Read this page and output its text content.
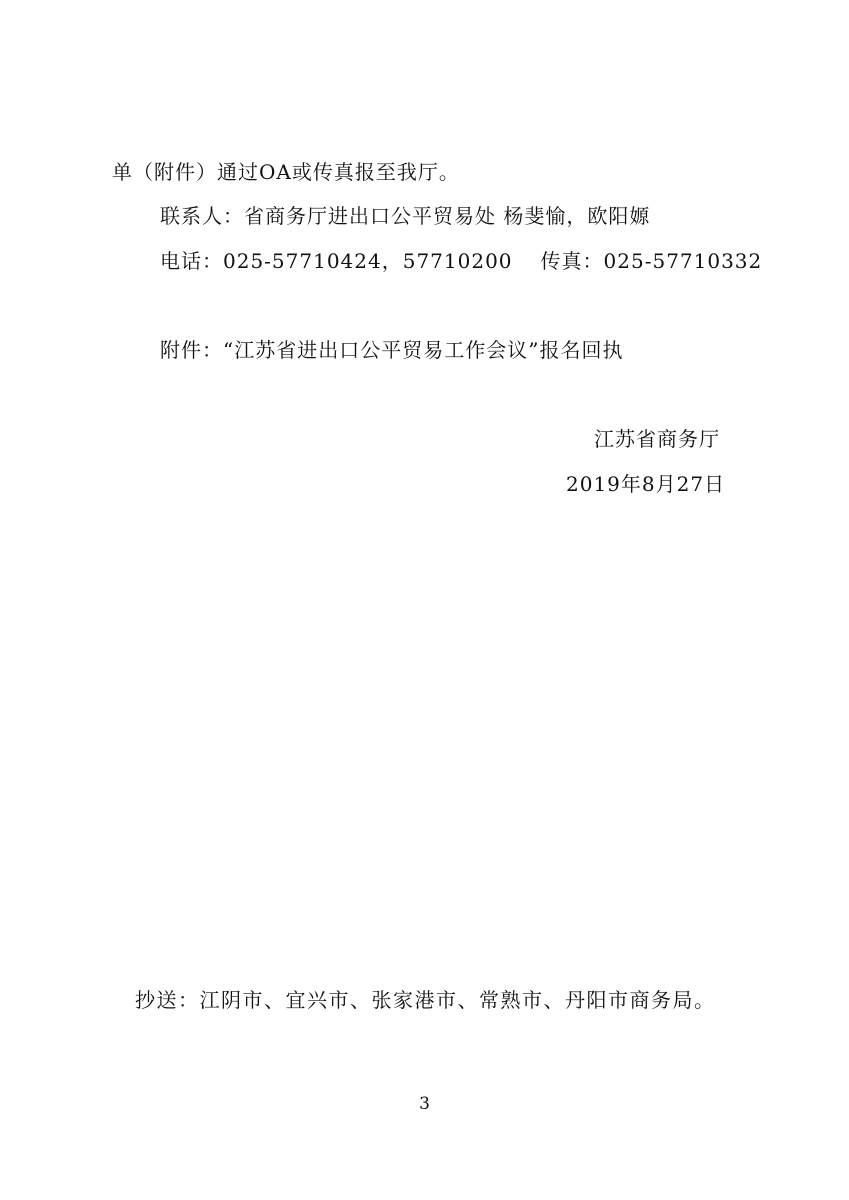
单（附件）通过OA或传真报至我厅。
联系人：省商务厅进出口公平贸易处 杨斐愉，欧阳嫄
电话：025-57710424，57710200 传真：025-57710332
附件：“江苏省进出口公平贸易工作会议”报名回执
江苏省商务厅
2019年8月27日
抄送：江阴市、宜兴市、张家港市、常熟市、丹阳市商务局。
3
